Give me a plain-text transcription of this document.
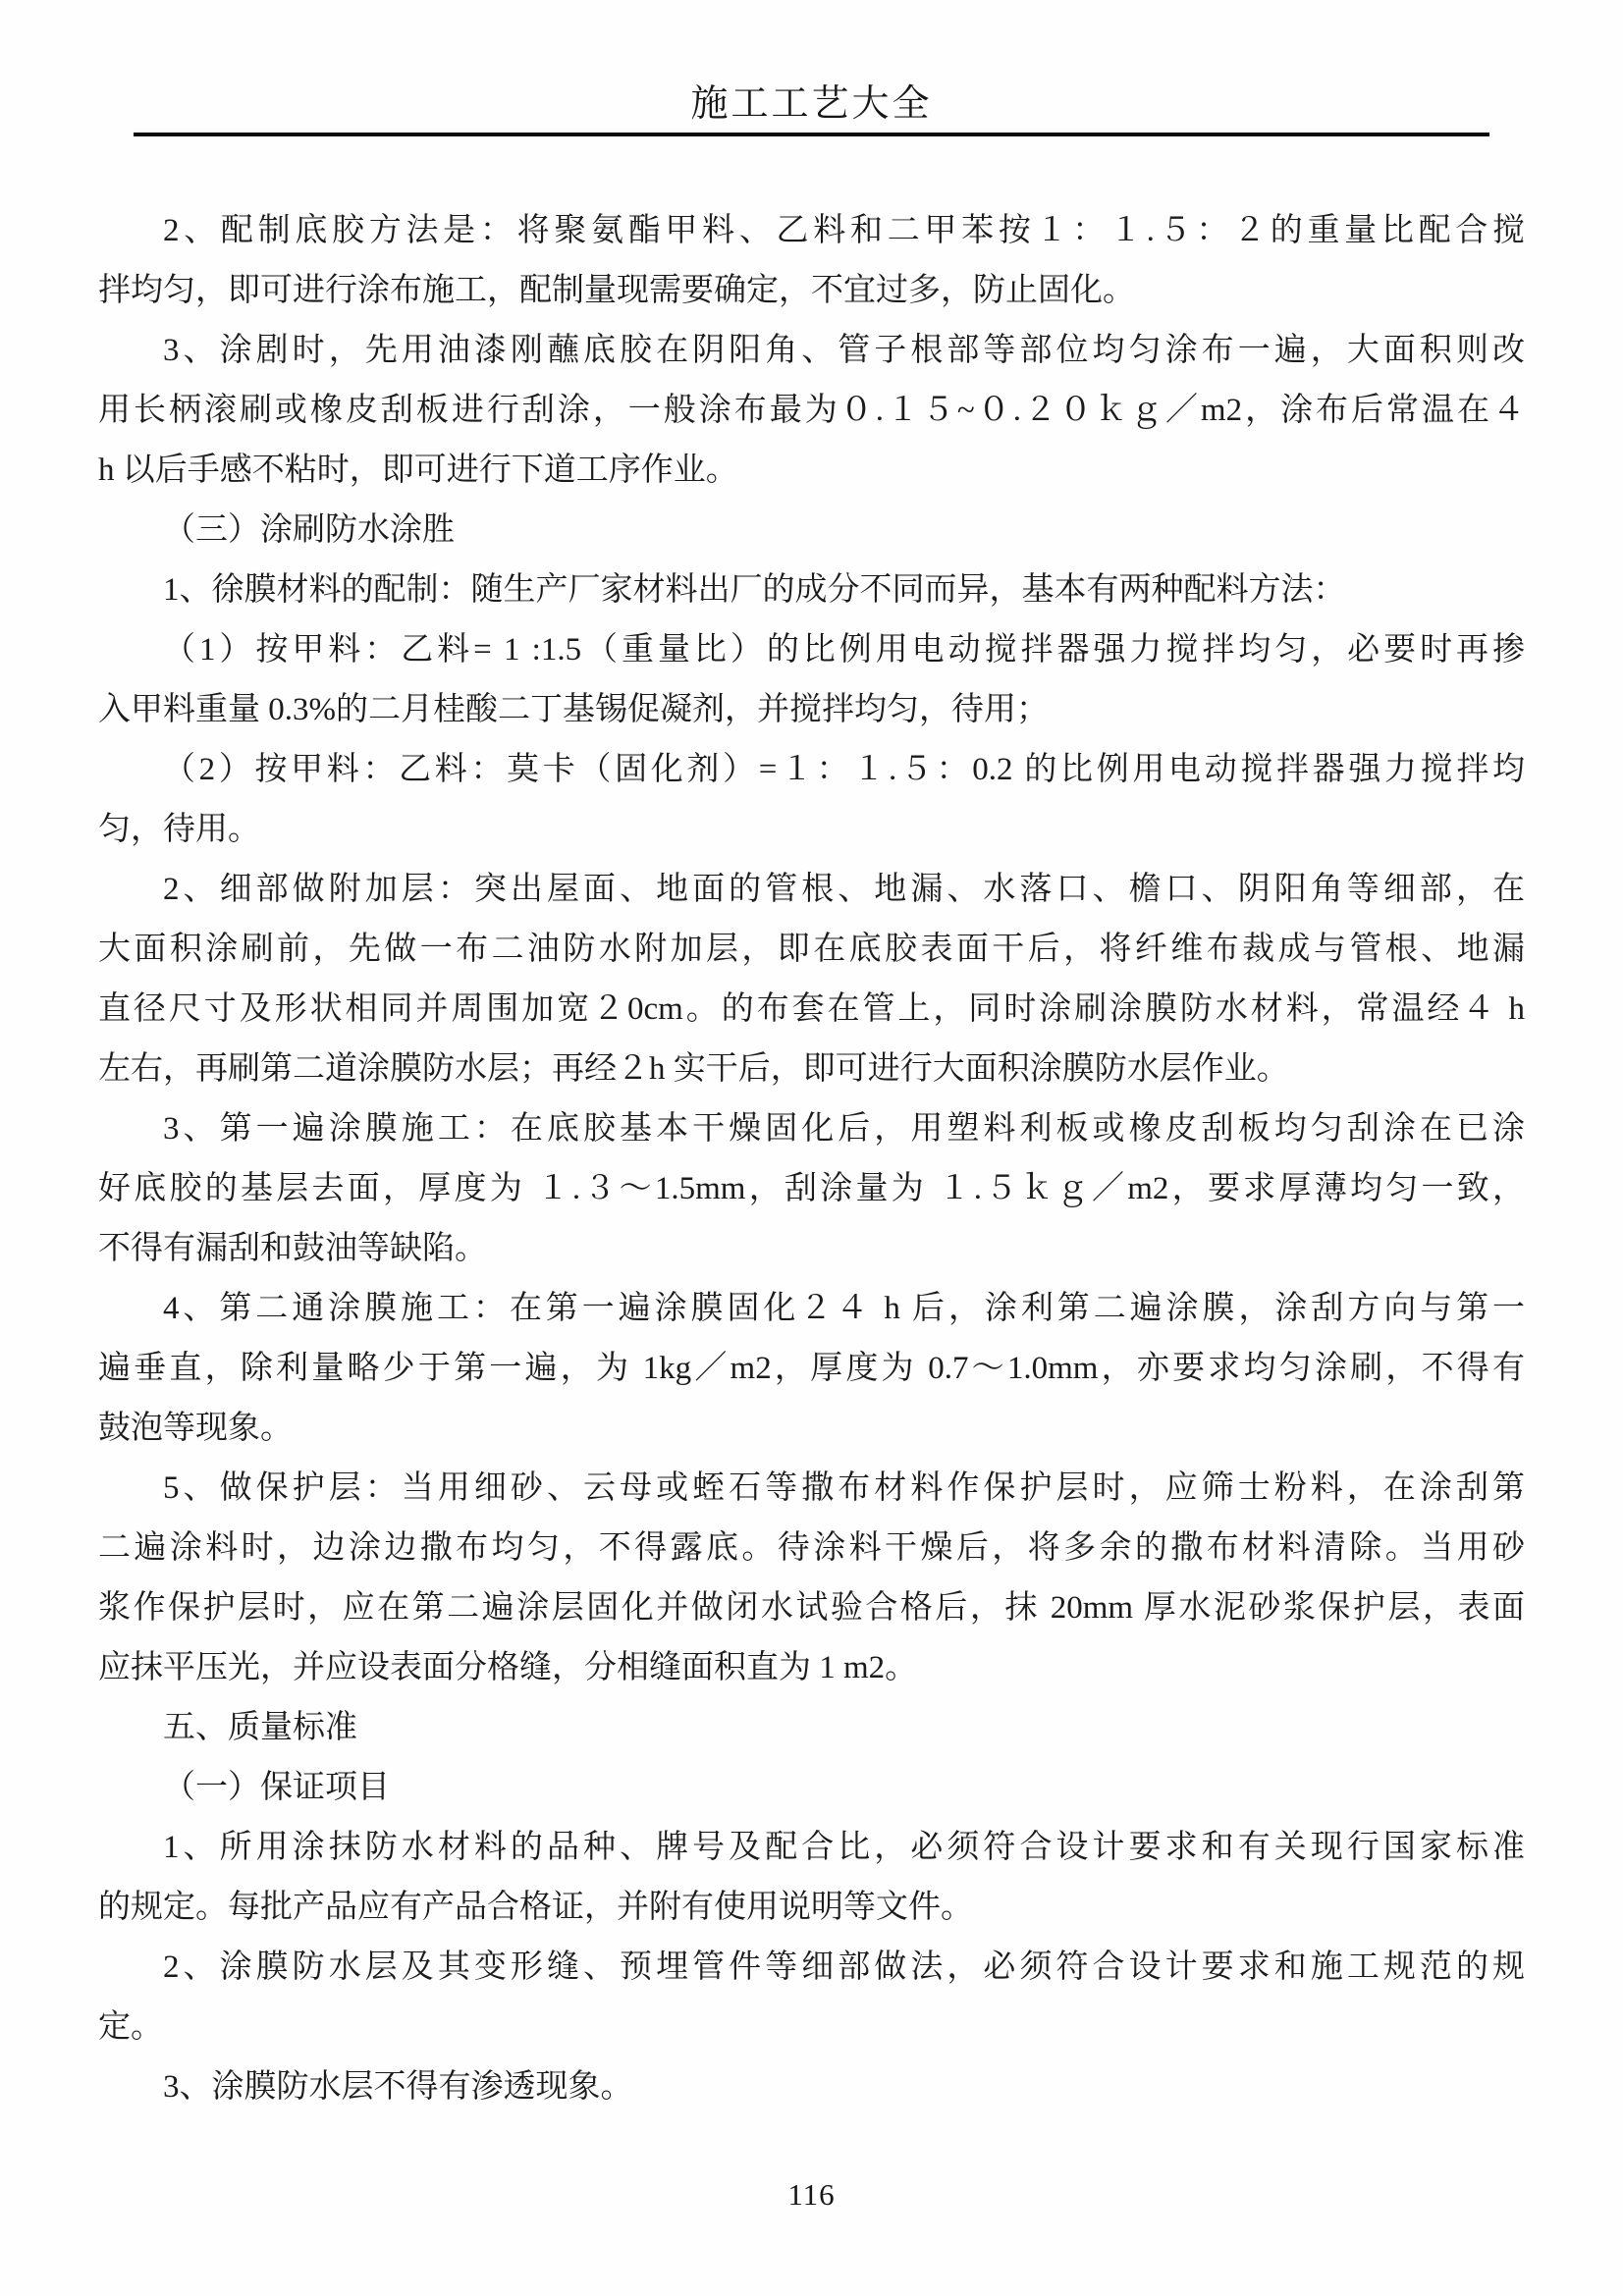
施工工艺大全
2、配制底胶方法是：将聚氨酯甲料、乙料和二甲苯按１：１.５：２的重量比配合搅
拌均匀，即可进行涂布施工，配制量现需要确定，不宜过多，防止固化。
3、涂剧时，先用油漆刚蘸底胶在阴阳角、管子根部等部位均匀涂布一遍，大面积则改
用长柄滚刷或橡皮刮板进行刮涂，一般涂布最为０.１５~０.２０ｋｇ／m2，涂布后常温在４
h 以后手感不粘时，即可进行下道工序作业。
（三）涂刷防水涂胜
1、徐膜材料的配制：随生产厂家材料出厂的成分不同而异，基本有两种配料方法：
（1）按甲料：乙料= 1 :1.5（重量比）的比例用电动搅拌器强力搅拌均匀，必要时再掺
入甲料重量 0.3%的二月桂酸二丁基锡促凝剂，并搅拌均匀，待用；
（2）按甲料：乙料：莫卡（固化剂）=１：１.５：0.2 的比例用电动搅拌器强力搅拌均
匀，待用。
2、细部做附加层：突出屋面、地面的管根、地漏、水落口、檐口、阴阳角等细部，在
大面积涂刷前，先做一布二油防水附加层，即在底胶表面干后，将纤维布裁成与管根、地漏
直径尺寸及形状相同并周围加宽２0cm。的布套在管上，同时涂刷涂膜防水材料，常温经４ h
左右，再刷第二道涂膜防水层；再经２h 实干后，即可进行大面积涂膜防水层作业。
3、第一遍涂膜施工：在底胶基本干燥固化后，用塑料利板或橡皮刮板均匀刮涂在已涂
好底胶的基层去面，厚度为 １.３～1.5mm，刮涂量为 １.５ｋｇ／m2，要求厚薄均匀一致，
不得有漏刮和鼓油等缺陷。
4、第二通涂膜施工：在第一遍涂膜固化２４ h 后，涂利第二遍涂膜，涂刮方向与第一
遍垂直，除利量略少于第一遍，为 1kg／m2，厚度为 0.7～1.0mm，亦要求均匀涂刷，不得有
鼓泡等现象。
5、做保护层：当用细砂、云母或蛭石等撒布材料作保护层时，应筛士粉料，在涂刮第
二遍涂料时，边涂边撒布均匀，不得露底。待涂料干燥后，将多余的撒布材料清除。当用砂
浆作保护层时，应在第二遍涂层固化并做闭水试验合格后，抹 20mm 厚水泥砂浆保护层，表面
应抹平压光，并应设表面分格缝，分相缝面积直为 1 m2。
五、质量标准
（一）保证项目
1、所用涂抹防水材料的品种、牌号及配合比，必须符合设计要求和有关现行国家标准
的规定。每批产品应有产品合格证，并附有使用说明等文件。
2、涂膜防水层及其变形缝、预埋管件等细部做法，必须符合设计要求和施工规范的规
定。
3、涂膜防水层不得有渗透现象。
116
